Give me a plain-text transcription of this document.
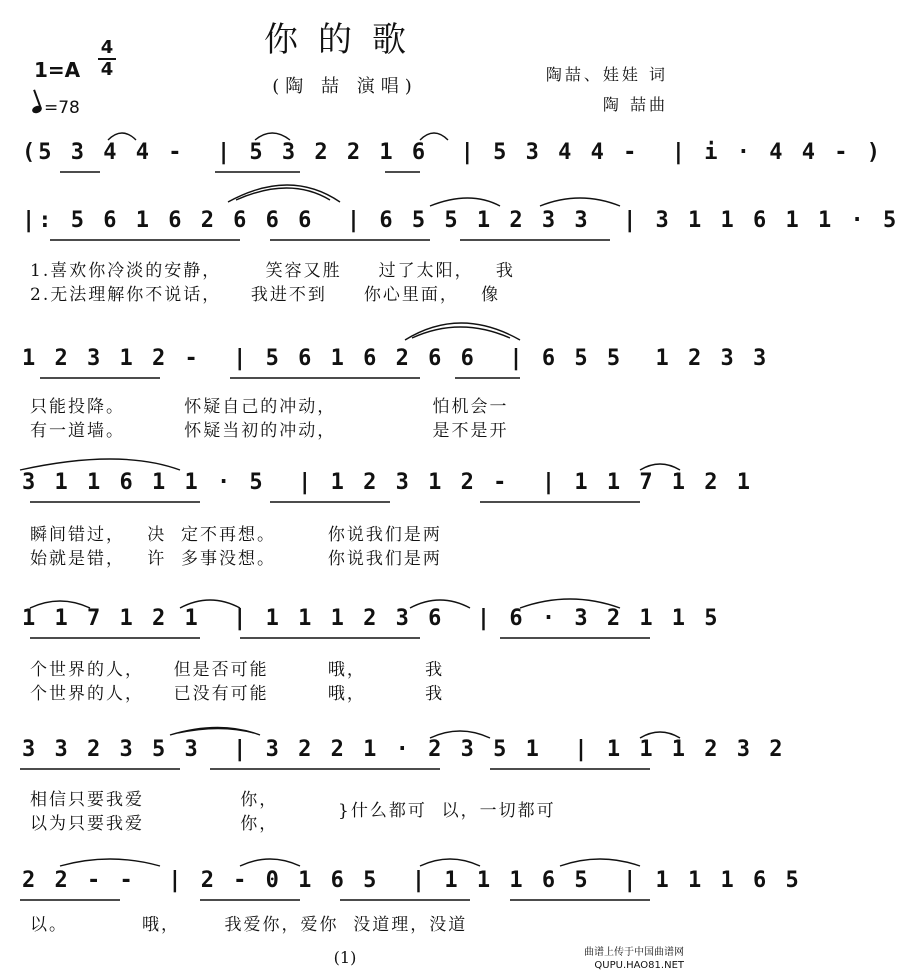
你的歌
(陶 喆 演唱)
1=A
4
4
=78
陶喆、娃娃 词
陶 喆曲
(5 3 4 4 -  | 5 3 2 2 1 6  | 5 3 4 4 -  | i · 4 4 - )
|: 5 6 1 6 2 6 6 6  | 6 5 5 1 2 3 3  | 3 1 1 6 1 1 · 5
1 2 3 1 2 -  | 5 6 1 6 2 6 6  | 6 5 5  1 2 3 3
3 1 1 6 1 1 · 5  | 1 2 3 1 2 -  | 1 1 7 1 2 1
1 1 7 1 2 1  | 1 1 1 2 3 6  | 6 · 3 2 1 1 5
3 3 2 3 5 3  | 3 2 2 1 · 2 3 5 1  | 1 1 1 2 3 2
2 2 - -  | 2 - 0 1 6 5  | 1 1 1 6 5  | 1 1 1 6 5
1.喜欢你冷淡的安静，      笑容又胜     过了太阳，   我
2.无法理解你不说话，    我进不到     你心里面，   像
只能投降。        怀疑自己的冲动，             怕机会一
有一道墙。        怀疑当初的冲动，             是不是开
瞬间错过，   决  定不再想。       你说我们是两
始就是错，   许  多事没想。       你说我们是两
个世界的人，    但是否可能        哦，        我
个世界的人，    已没有可能        哦，        我
相信只要我爱             你，
以为只要我爱             你，
}什么都可  以，一切都可
以。          哦，      我爱你，爱你  没道理，没道
(1)	曲谱上传于中国曲谱网
QUPU.HAO81.NET
